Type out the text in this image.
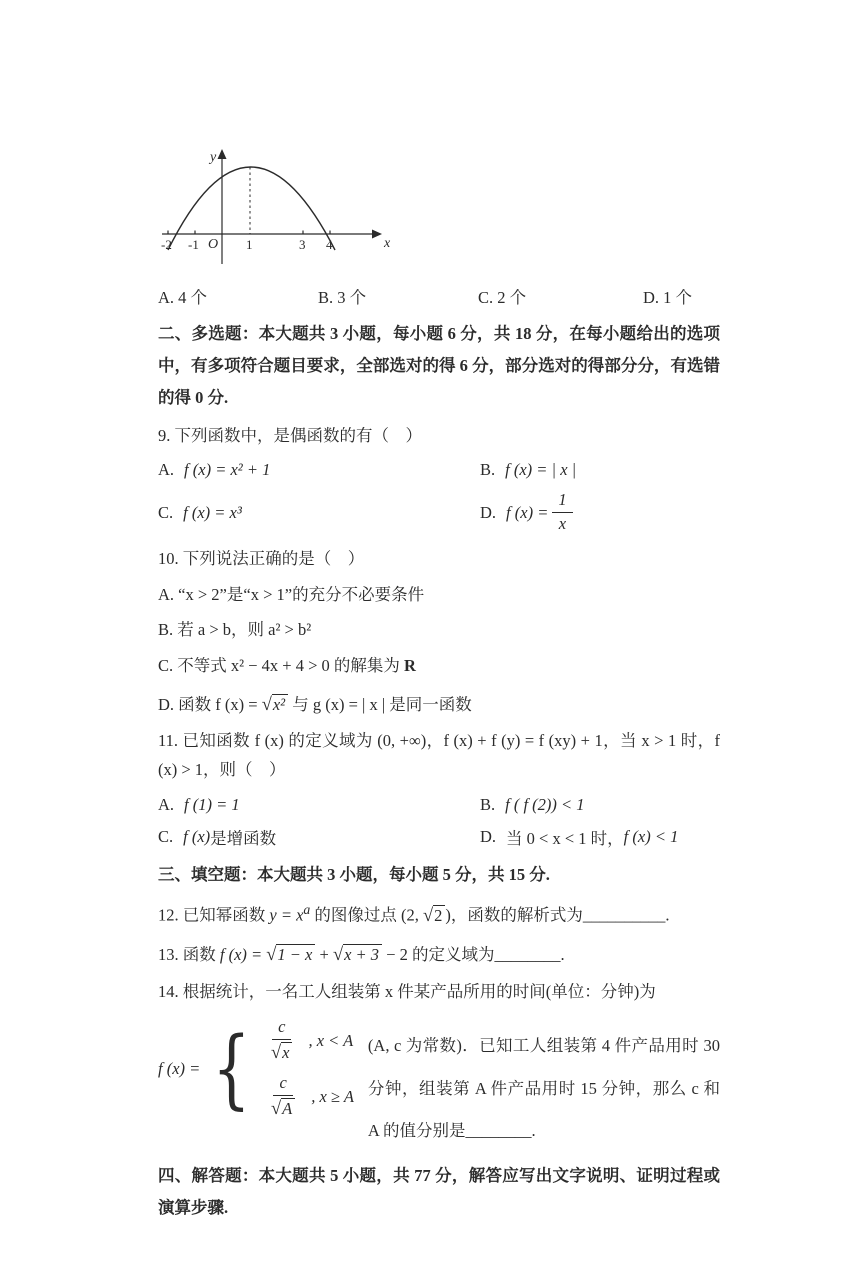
y
x
O
-2 -1	1	3 4
A. 4 个	B. 3 个	C. 2 个	D. 1 个

二、多选题：本大题共 3 小题，每小题 6 分，共 18 分，在每小题给出的选项中，有多项符合题目要求，全部选对的得 6 分，部分选对的得部分分，有选错的得 0 分.

9. 下列函数中，是偶函数的有（　）

A. f (x) = x² + 1	B. f (x) = | x |
C. f (x) = x³	D. f $(x) = \frac{1}{x}$

10. 下列说法正确的是（　）

A. “x > 2”是“x > 1”的充分不必要条件

B. 若 a > b，则 a² > b²

C. 不等式 x² − 4x + 4 > 0 的解集为 R

D. 函数 f (x) = √x² 与 g (x) = | x | 是同一函数

11. 已知函数 f (x) 的定义域为 (0, +∞)，f (x) + f (y) = f (xy) + 1，当 x > 1 时，f (x) > 1，则（　）

A. f (1) = 1	B. f ( f (2)) < 1
C. f (x) 是增函数	D. 当 0 < x < 1 时， f (x) < 1

三、填空题：本大题共 3 小题，每小题 5 分，共 15 分.

12. 已知幂函数 $y = x^a$ 的图像过点 (2, √2 )，函数的解析式为__________.

13. 函数 f (x) = √1 − x + √x + 3 − 2 的定义域为________.

14. 根据统计，一名工人组装第 x 件某产品所用的时间(单位：分钟)为

f (x) = { $\frac{c}{√x}$ , x < A
$\frac{c}{√A}$ , x ≥ A

(A, c 为常数)．已知工人组装第 4 件产品用时 30 分钟，组装第 A 件产品用时 15 分钟，那么 c 和 A 的值分别是________.

四、解答题：本大题共 5 小题，共 77 分，解答应写出文字说明、证明过程或演算步骤.
